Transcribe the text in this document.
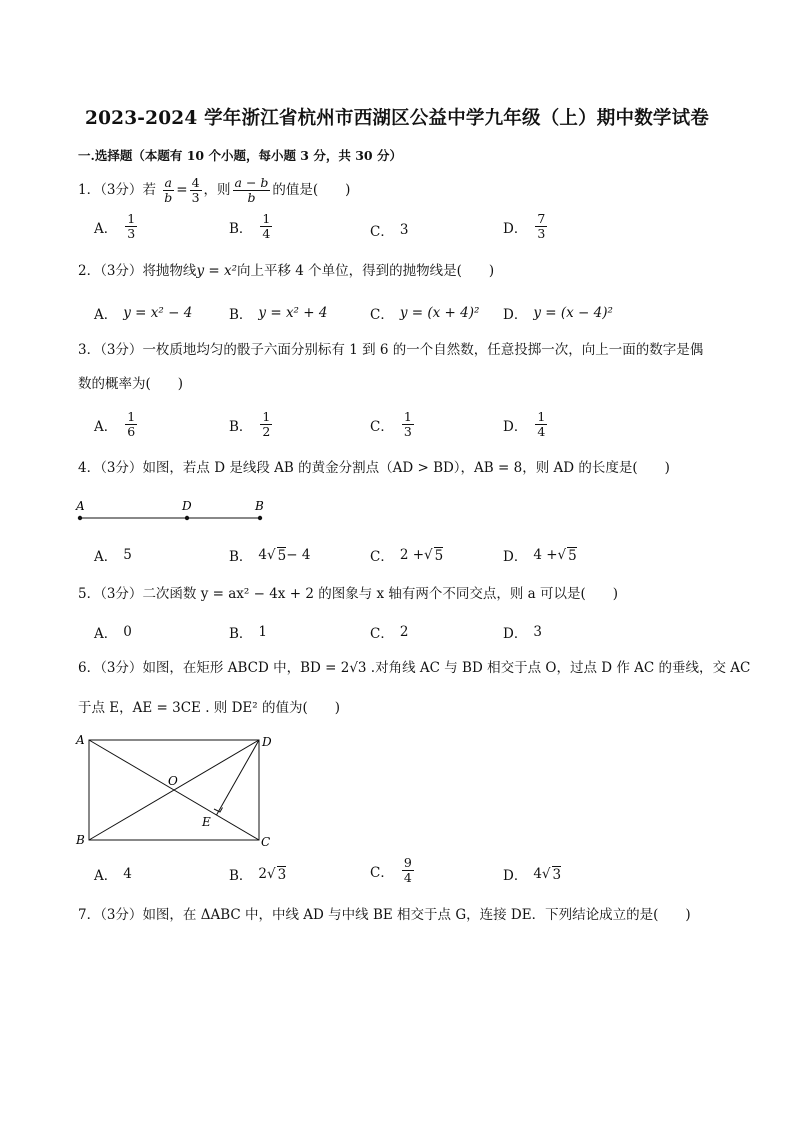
2023-2024 学年浙江省杭州市西湖区公益中学九年级（上）期中数学试卷
一.选择题（本题有 10 个小题，每小题 3 分，共 30 分）
1．（3分）若 $\frac{a}{b} = \frac{4}{3}$ ，则 $\frac{a - b}{b}$ 的值是(　　)
A． $\frac{1}{3}$	B． $\frac{1}{4}$	C． 3	D． $\frac{7}{3}$
2．（3分）将抛物线y = x²向上平移 4 个单位，得到的抛物线是(　　)
A． y = x² − 4	B． y = x² + 4	C． y = (x + 4)² D． y = (x − 4)²
3．（3分）一枚质地均匀的骰子六面分别标有 1 到 6 的一个自然数，任意投掷一次，向上一面的数字是偶
数的概率为(　　)
A． $\frac{1}{6}$	B． $\frac{1}{2}$	C． $\frac{1}{3}$	D． $\frac{1}{4}$
4．（3分）如图，若点 D 是线段 AB 的黄金分割点（AD > BD），AB = 8，则 AD 的长度是(　　)
A	D	B
A． 5	B． 4 √ 5 − 4	C． 2 + √ 5	D． 4 + √ 5
5．（3分）二次函数 y = ax² − 4x + 2 的图象与 x 轴有两个不同交点，则 a 可以是(　　)
A． 0	B． 1	C． 2	D． 3
6．（3分）如图，在矩形 ABCD 中，BD = 2√3 .对角线 AC 与 BD 相交于点 O，过点 D 作 AC 的垂线，交 AC
于点 E，AE = 3CE . 则 DE² 的值为(　　)
A	D
B	C
O
E
A． 4	B． 2 √ 3	C． $\frac{9}{4}$	D． 4 √ 3
7．（3分）如图，在 ΔABC 中，中线 AD 与中线 BE 相交于点 G，连接 DE．下列结论成立的是(　　)
